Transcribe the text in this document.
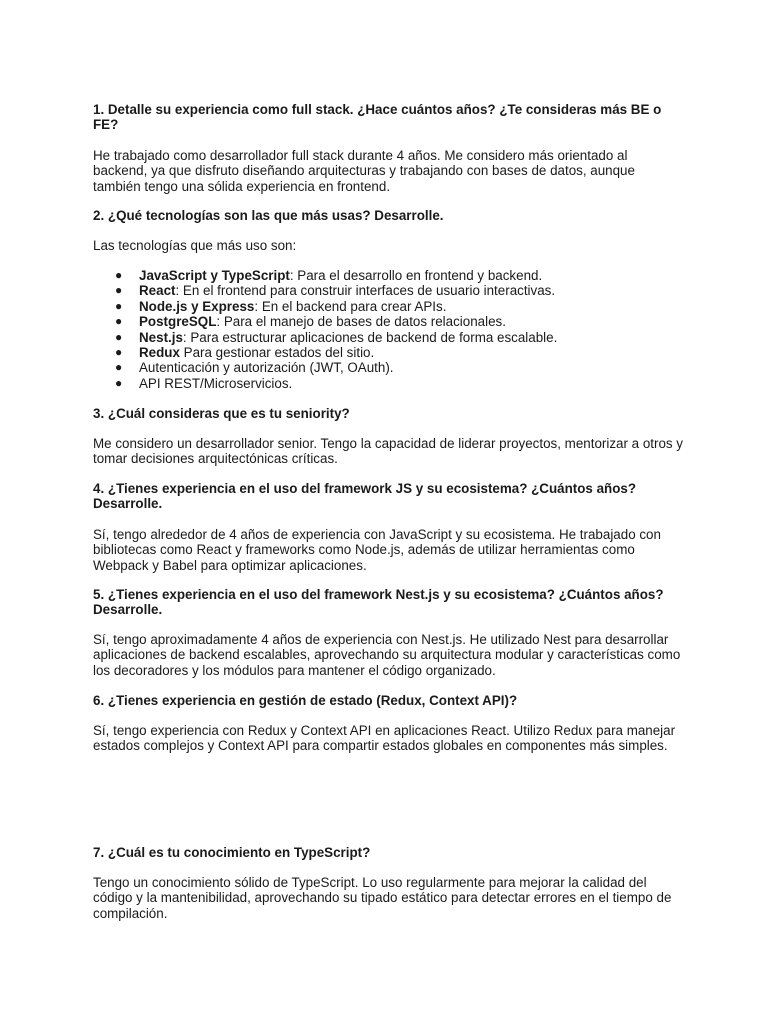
1. Detalle su experiencia como full stack. ¿Hace cuántos años? ¿Te consideras más BE o FE?

He trabajado como desarrollador full stack durante 4 años. Me considero más orientado al backend, ya que disfruto diseñando arquitecturas y trabajando con bases de datos, aunque también tengo una sólida experiencia en frontend.

2. ¿Qué tecnologías son las que más usas? Desarrolle.

Las tecnologías que más uso son:

● JavaScript y TypeScript: Para el desarrollo en frontend y backend.
● React: En el frontend para construir interfaces de usuario interactivas.
● Node.js y Express: En el backend para crear APIs.
● PostgreSQL: Para el manejo de bases de datos relacionales.
● Nest.js: Para estructurar aplicaciones de backend de forma escalable.
● Redux Para gestionar estados del sitio.
● Autenticación y autorización (JWT, OAuth).
● API REST/Microservicios.

3. ¿Cuál consideras que es tu seniority?

Me considero un desarrollador senior. Tengo la capacidad de liderar proyectos, mentorizar a otros y tomar decisiones arquitectónicas críticas.

4. ¿Tienes experiencia en el uso del framework JS y su ecosistema? ¿Cuántos años? Desarrolle.

Sí, tengo alrededor de 4 años de experiencia con JavaScript y su ecosistema. He trabajado con bibliotecas como React y frameworks como Node.js, además de utilizar herramientas como Webpack y Babel para optimizar aplicaciones.

5. ¿Tienes experiencia en el uso del framework Nest.js y su ecosistema? ¿Cuántos años? Desarrolle.

Sí, tengo aproximadamente 4 años de experiencia con Nest.js. He utilizado Nest para desarrollar aplicaciones de backend escalables, aprovechando su arquitectura modular y características como los decoradores y los módulos para mantener el código organizado.

6. ¿Tienes experiencia en gestión de estado (Redux, Context API)?

Sí, tengo experiencia con Redux y Context API en aplicaciones React. Utilizo Redux para manejar estados complejos y Context API para compartir estados globales en componentes más simples.

7. ¿Cuál es tu conocimiento en TypeScript?

Tengo un conocimiento sólido de TypeScript. Lo uso regularmente para mejorar la calidad del código y la mantenibilidad, aprovechando su tipado estático para detectar errores en el tiempo de compilación.
